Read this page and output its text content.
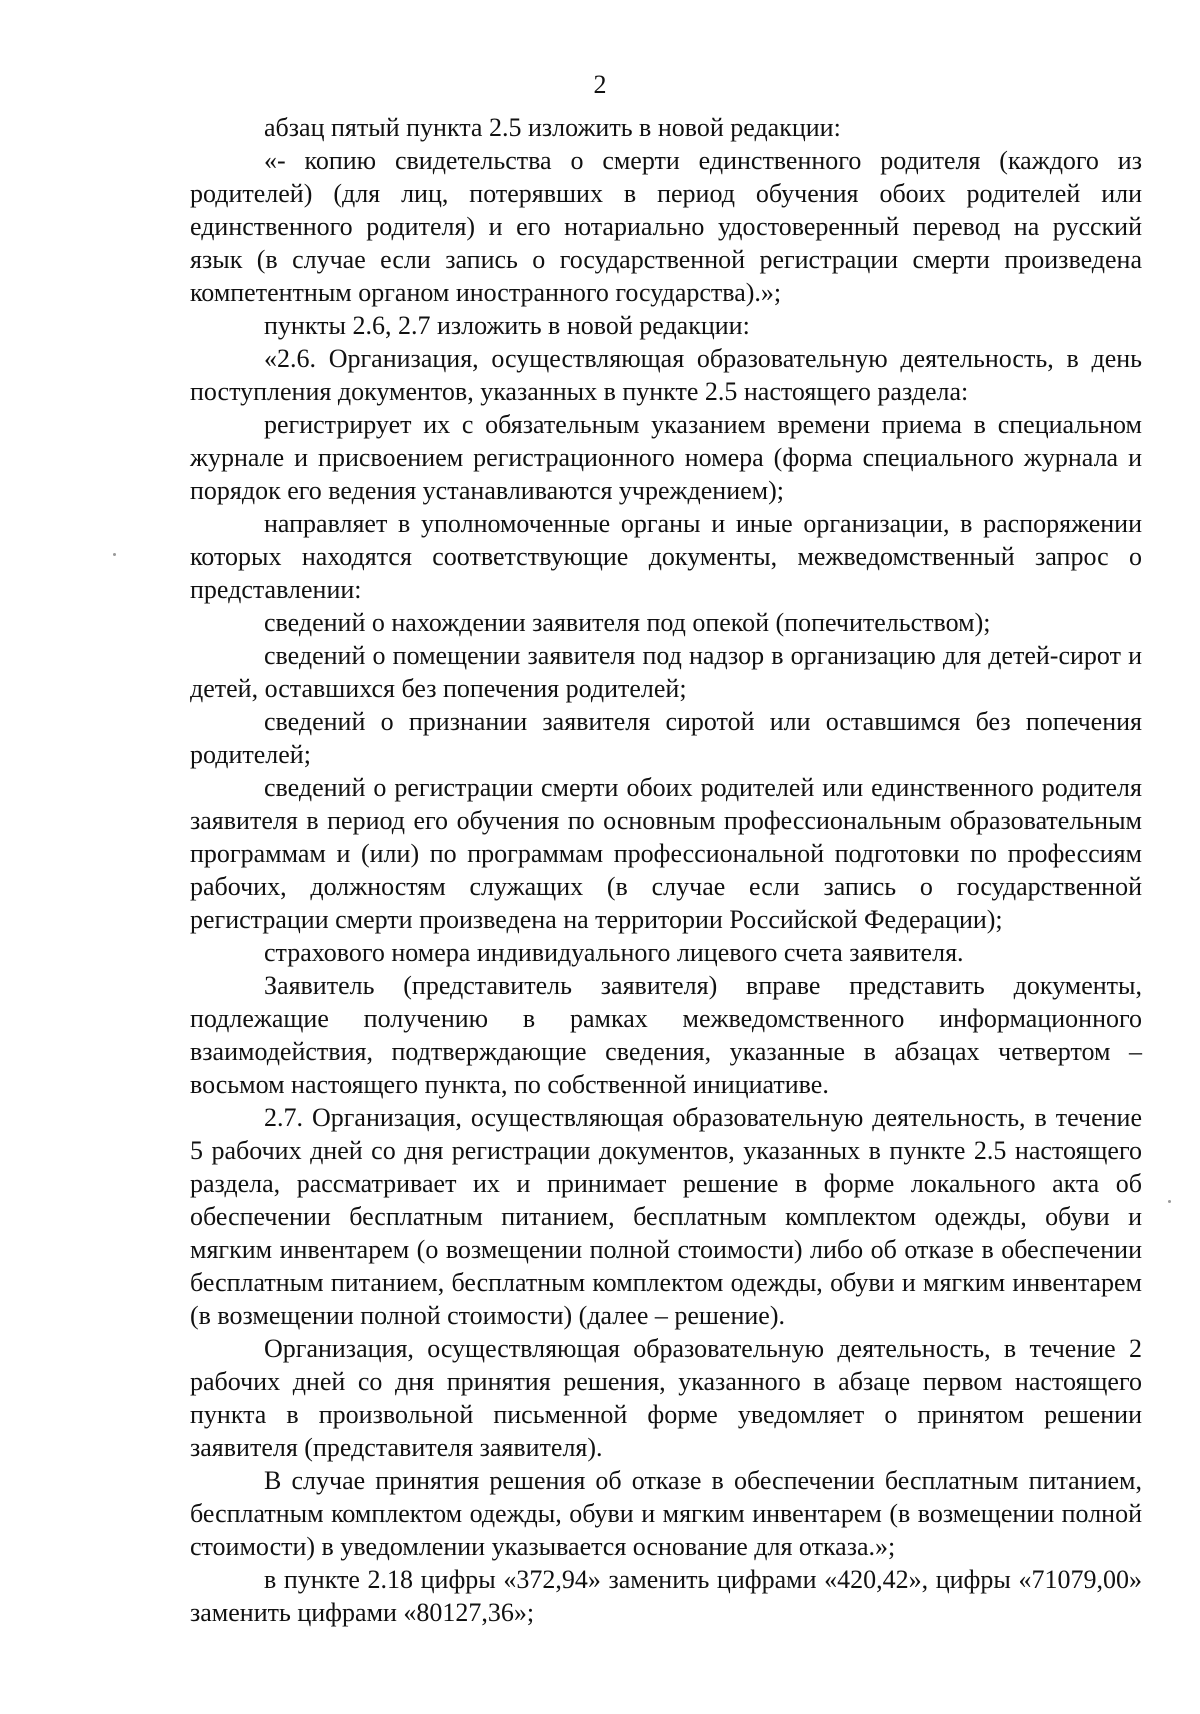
2

абзац пятый пункта 2.5 изложить в новой редакции:

«- копию свидетельства о смерти единственного родителя (каждого из родителей) (для лиц, потерявших в период обучения обоих родителей или единственного родителя) и его нотариально удостоверенный перевод на русский язык (в случае если запись о государственной регистрации смерти произведена компетентным органом иностранного государства).»;

пункты 2.6, 2.7 изложить в новой редакции:

«2.6. Организация, осуществляющая образовательную деятельность, в день поступления документов, указанных в пункте 2.5 настоящего раздела:

регистрирует их с обязательным указанием времени приема в специальном журнале и присвоением регистрационного номера (форма специального журнала и порядок его ведения устанавливаются учреждением);

направляет в уполномоченные органы и иные организации, в распоряжении которых находятся соответствующие документы, межведомственный запрос о представлении:

сведений о нахождении заявителя под опекой (попечительством);

сведений о помещении заявителя под надзор в организацию для детей-сирот и детей, оставшихся без попечения родителей;

сведений о признании заявителя сиротой или оставшимся без попечения родителей;

сведений о регистрации смерти обоих родителей или единственного родителя заявителя в период его обучения по основным профессиональным образовательным программам и (или) по программам профессиональной подготовки по профессиям рабочих, должностям служащих (в случае если запись о государственной регистрации смерти произведена на территории Российской Федерации);

страхового номера индивидуального лицевого счета заявителя.

Заявитель (представитель заявителя) вправе представить документы, подлежащие получению в рамках межведомственного информационного взаимодействия, подтверждающие сведения, указанные в абзацах четвертом – восьмом настоящего пункта, по собственной инициативе.

2.7. Организация, осуществляющая образовательную деятельность, в течение 5 рабочих дней со дня регистрации документов, указанных в пункте 2.5 настоящего раздела, рассматривает их и принимает решение в форме локального акта об обеспечении бесплатным питанием, бесплатным комплектом одежды, обуви и мягким инвентарем (о возмещении полной стоимости) либо об отказе в обеспечении бесплатным питанием, бесплатным комплектом одежды, обуви и мягким инвентарем (в возмещении полной стоимости) (далее – решение).

Организация, осуществляющая образовательную деятельность, в течение 2 рабочих дней со дня принятия решения, указанного в абзаце первом настоящего пункта в произвольной письменной форме уведомляет о принятом решении заявителя (представителя заявителя).

В случае принятия решения об отказе в обеспечении бесплатным питанием, бесплатным комплектом одежды, обуви и мягким инвентарем (в возмещении полной стоимости) в уведомлении указывается основание для отказа.»;

в пункте 2.18 цифры «372,94» заменить цифрами «420,42», цифры «71079,00» заменить цифрами «80127,36»;
